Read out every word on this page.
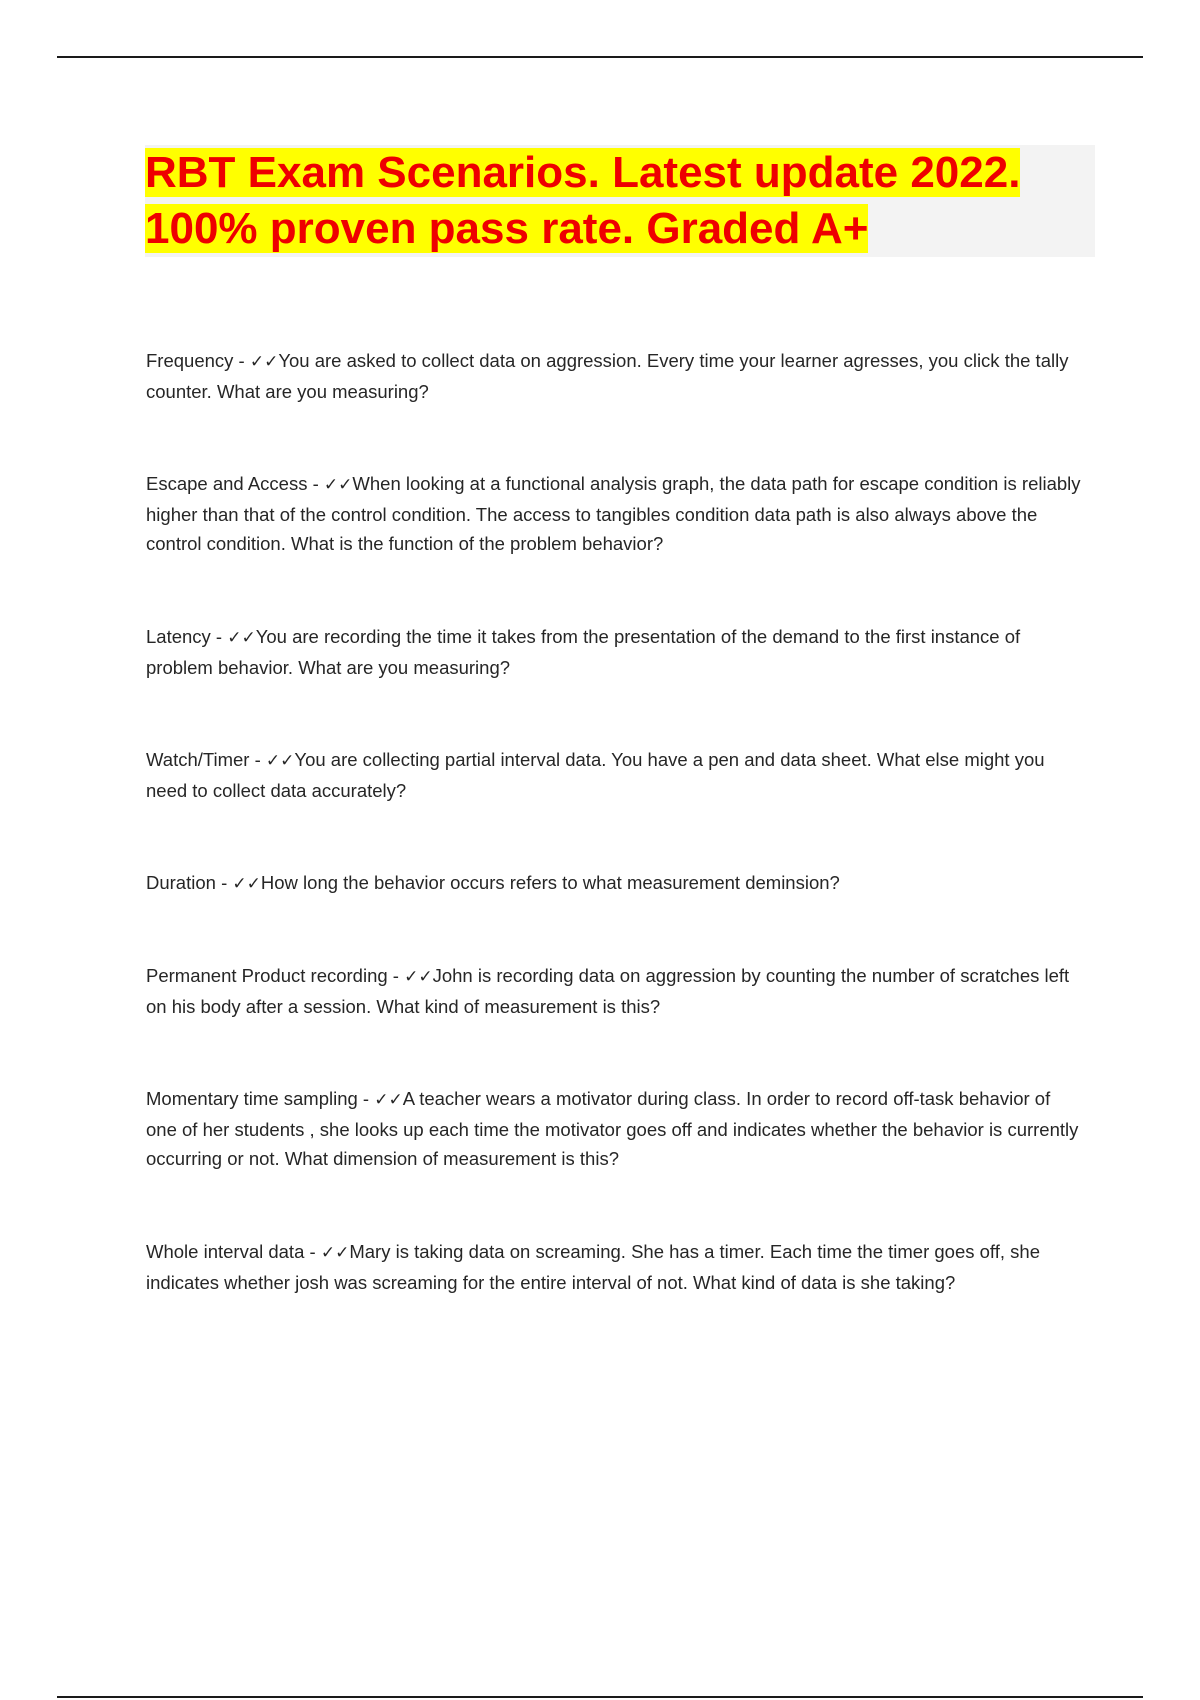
RBT Exam Scenarios. Latest update 2022. 100% proven pass rate. Graded A+

Frequency - ✓✓You are asked to collect data on aggression. Every time your learner agresses, you click the tally counter. What are you measuring?

Escape and Access - ✓✓When looking at a functional analysis graph, the data path for escape condition is reliably higher than that of the control condition. The access to tangibles condition data path is also always above the control condition. What is the function of the problem behavior?

Latency - ✓✓You are recording the time it takes from the presentation of the demand to the first instance of problem behavior. What are you measuring?

Watch/Timer - ✓✓You are collecting partial interval data. You have a pen and data sheet. What else might you need to collect data accurately?

Duration - ✓✓How long the behavior occurs refers to what measurement deminsion?

Permanent Product recording - ✓✓John is recording data on aggression by counting the number of scratches left on his body after a session. What kind of measurement is this?

Momentary time sampling - ✓✓A teacher wears a motivator during class. In order to record off-task behavior of one of her students , she looks up each time the motivator goes off and indicates whether the behavior is currently occurring or not. What dimension of measurement is this?

Whole interval data - ✓✓Mary is taking data on screaming. She has a timer. Each time the timer goes off, she indicates whether josh was screaming for the entire interval of not. What kind of data is she taking?
